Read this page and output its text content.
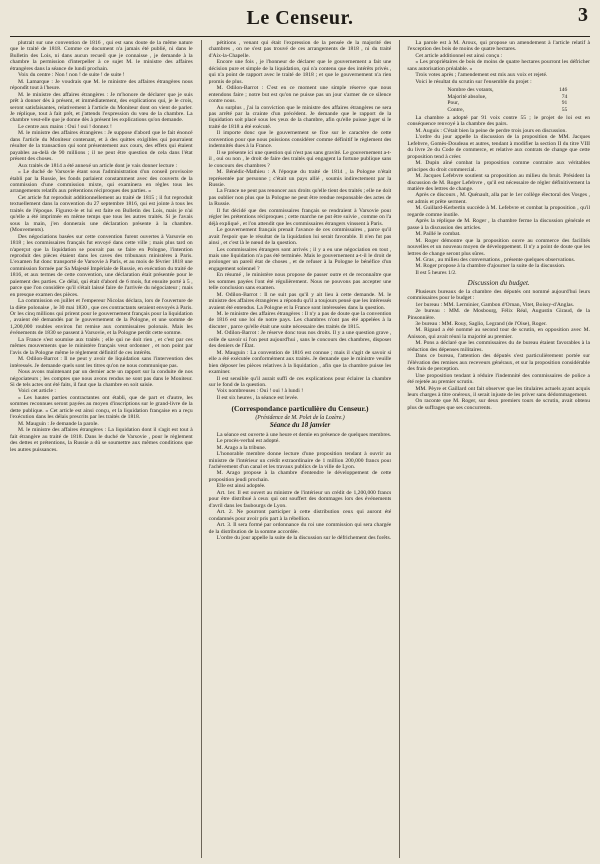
Le Censeur.	3

plutrait sur une convention de 1816 , qui est sans doute de la même nature que le traité de 1818. Comme ce document n'a jamais été publié, ni dans le Bulletin des Lois, ni dans aucun recueil que je connaisse , je demande à la chambre la permission d'interpeller à ce sujet M. le ministre des affaires étrangères dans la séance de lundi prochain.

Voix du centre : Non ! non ! de suite ! de suite !

M. Lamarque : Je voudrais que M. le ministre des affaires étrangères nous répondît tout à l'heure.

M. le ministre des affaires étrangères : Je m'honore de déclarer que je suis prêt à donner dès à présent, et immédiatement, des explications qui, je le crois, seront satisfaisantes, relativement à l'article du Moniteur dont on vient de parler. Je réplique, tout à fait prêt, et j'attends l'expression du vœu de la chambre. La chambre veut-elle que je donne dès à présent les explications qu'on demande.

Le centre aux mains : Oui ! oui ! donnez !

M. le ministre des affaires étrangères : Je suppose d'abord que le fait énoncé dans l'article du Moniteur contenant, et à des quittes exigibles qui pourraient résulter de la transaction qui sont présentement aux cours, des effets qui étaient payables au-delà de 90 millions ; il ne peut être question de cela dans l'état présent des choses.

Aux traités de 1814 a été annexé un article dont je vais donner lecture :

« Le duché de Varsovie étant sous l'administration d'un conseil provisoire établi par la Russie, les fonds parlaient constamment avec des couverts de la commission d'une commission mixte, qui examinera en règles tous les arrangements relatifs aux prétentions réciproques des parties. »

Cet article fut reproduit additionnellement au traité de 1815 ; il fut reproduit textuellement dans la convention du 27 septembre 1816, qui est jointe à tous les traités de l'époque. Figurez-le et lui est faite en Bulletin des Lois, mais je n'ai qu'elle a été imprimée en même temps que tous les autres traités. Si je l'avais sous la main, j'en donnerais une déclaration présente à la chambre. (Mouvements).

Des négociations basées sur cette convention furent ouvertes à Varsovie en 1818 ; les commissaires français fut envoyé dans cette ville ; mais plus tard on n'aperçut que la liquidation se pouvait pas se faire en Pologne, l'intention reproduit des pièces étaient dans les caves des tribunaux ministères à Paris. L'examen fut donc transporté de Varsovie à Paris, et au mois de février 1818 une commission formée par Sa Majesté Impériale de Russie, en exécution du traité de 1816, et aux termes de cette convention, une déclaration était présentée pour le paiement des parties. Ce délai, qui était d'abord de 6 mois, fut ensuite porté à 5 , parce que l'on considère qu'il s'était laissé faire de l'arrivée du négociateur ; mais en presque examen des pièces.

La commission en juillet et l'empereur Nicolas déclara, lors de l'ouverture de la diète polonaise , le 30 mai 1830 , que ces contractants seraient envoyés à Paris. Or les cinq millions qui prirent pour le gouvernement français pour la liquidation , avaient été demandés par le gouvernement de la Pologne, et une somme de 1,200,000 roubles environ fut remise aux commissaires polonais. Mais les événements de 1830 se passent à Varsovie, et la Pologne perdit cette somme.

La France s'est soumise aux traités ; elle qui ne doit rien , et c'est par ces mêmes mouvements que le ministère français veut ordonner , et non point par l'avis de la Pologne même le règlement définitif de ces intérêts.

M. Odilon-Barrot : Il ne peut y avoir de liquidation sans l'intervention des intéressés. Je demande quels sont les titres qu'on ne nous communique pas.

Nous avons maintenant par un dernier acte un rapport sur la conduite de nos négociateurs ; les comptes que nous avons rendus ne sont pas dans le Moniteur. Si de tels actes ont été faits, il faut que la chambre en soit saisie.

Voici cet article :

« Les hautes parties contractantes ont établi, que de part et d'autre, les sommes reconnues seront payées au moyen d'inscriptions sur le grand-livre de la dette publique. » Cet article est ainsi conçu, et la liquidation française en a reçu l'exécution dans les délais prescrits par les traités de 1818.

M. Mauguin : Je demande la parole.

M. le ministre des affaires étrangères : La liquidation dont il s'agit est tout à fait étrangère au traité de 1818. Dans le duché de Varsovie , pour le règlement des dettes et prétentions, la Russie a dû se soumettre aux mêmes conditions que les autres puissances.

pétitions , venant qui était l'expression de la pensée de la majorité des chambres , on ne s'est pas trouvé de ces arrangements de 1818 , ni du traité d'Aix-la-Chapelle.

Encore une fois , je l'honneur de déclarer que le gouvernement a fait une décision pure et simple de la liquidation, qui n'a contenu que des intérêts privés , qui n'a point de rapport avec le traité de 1818 ; et que le gouvernement n'a rien promis de plus.

M. Odilon-Barrot : C'est en ce moment une simple réserve que nous entendons faire ; notre but est qu'on ne puisse pas un jour s'armer de ce silence contre nous.

Au surplus , j'ai la conviction que le ministre des affaires étrangères ne sera pas arrêté par la crainte d'un précédent. Je demande que le rapport de la liquidation soit placé sous les yeux de la chambre, afin qu'elle puisse juger si le traité de 1818 a été exécuté.

Il importe donc que le gouvernement se fixe sur le caractère de cette convention pour que nous puissions considérer comme définitif le règlement des indemnités dues à la France.

Il se présente ici une question qui n'est pas sans gravité. Le gouvernement a-t-il , oui ou non , le droit de faire des traités qui engagent la fortune publique sans le concours des chambres ?

M. Bénédic-Mathieu : A l'époque du traité de 1814 , la Pologne n'était représentée par personne ; c'était un pays allié , soumis indirectement par la Russie.

La France ne peut pas renoncer aux droits qu'elle tient des traités ; elle ne doit pas oublier non plus que la Pologne ne peut être rendue responsable des actes de la Russie.

Il fut décidé que des commissaires français se rendraient à Varsovie pour régler les prétentions réciproques ; cette marche ne put être suivie , comme on l'a déjà expliqué , et l'on attendit que les commissaires étrangers vinssent à Paris.

Le gouvernement français prenait l'avance de ces commissaires , parce qu'il avait l'espoir que le résultat de la liquidation lui serait favorable. Il n'en fut pas ainsi , et c'est là le nœud de la question.

Les commissaires étrangers sont arrivés ; il y a eu une négociation en tout , mais une liquidation n'a pas été terminée. Mais le gouvernement a-t-il le droit de prolonger un pareil état de choses , et de refuser à la Pologne le bénéfice d'un engagement solennel ?

En résumé , le ministère nous propose de passer outre et de reconnaître que les sommes payées l'ont été régulièrement. Nous ne pouvons pas accepter une telle conclusion sans examen.

M. Odilon-Barrot : Il ne suit pas qu'il y ait lieu à cette demande. M. le ministre des affaires étrangères a répondu qu'il a toujours pensé que les intéressés avaient été entendus. La Pologne et la France sont intéressées dans la question.

M. le ministre des affaires étrangères : Il n'y a pas de doute que la convention de 1816 est une loi de notre pays. Les chambres n'ont pas été appelées à la discuter , parce qu'elle était une suite nécessaire des traités de 1815.

M. Odilon-Barrot : Je réserve donc tous nos droits. Il y a une question grave , celle de savoir si l'on peut aujourd'hui , sans le concours des chambres, disposer des deniers de l'État.

M. Mauguin : La convention de 1816 est connue ; mais il s'agit de savoir si elle a été exécutée conformément aux traités. Je demande que le ministre veuille bien déposer les pièces relatives à la liquidation , afin que la chambre puisse les examiner.

Il est sensible qu'il aurait suffi de ces explications pour éclairer la chambre sur le fond de la question.

Voix nombreuses : Oui ! oui ! à lundi !

Il est six heures , la séance est levée.

(Correspondance particulière du Censeur.)

(Présidence de M. Polet de la Lozère.)

Séance du 18 janvier

La séance est ouverte à une heure et demie en présence de quelques membres.

Le procès-verbal est adopté.

M. Arago a la tribune.

L'honorable membre donne lecture d'une proposition tendant à ouvrir au ministre de l'intérieur un crédit extraordinaire de 1 million 200,000 francs pour l'achèvement d'un canal et les travaux publics de la ville de Lyon.

M. Arago propose à la chambre d'entendre le développement de cette proposition jeudi prochain.

Elle est ainsi adoptée.

Art. 1er. Il est ouvert au ministre de l'intérieur un crédit de 1,200,000 francs pour être distribué à ceux qui ont souffert des dommages lors des événements d'avril dans les faubourgs de Lyon.

Art. 2. Ne pourront participer à cette distribution ceux qui auront été condamnés pour avoir pris part à la rébellion.

Art. 3. Il sera formé par ordonnance du roi une commission qui sera chargée de la distribution de la somme accordée.

L'ordre du jour appelle la suite de la discussion sur le défrichement des forêts.

La parole est à M. Aroux, qui propose un amendement à l'article relatif à l'exception des bois de moins de quatre hectares.

Cet article additionnel est ainsi conçu :

« Les propriétaires de bois de moins de quatre hectares pourront les défricher sans autorisation préalable. »

Trois votes après ; l'amendement est mis aux voix et rejeté.

Voici le résultat du scrutin sur l'ensemble du projet :

Nombre des votants,	146
Majorité absolue,	74
Pour,	91
Contre,	55

La chambre a adopté par 91 voix contre 55 ; le projet de loi est en conséquence renvoyé à la chambre des pairs.

M. Auguis : C'était bien la peine de perdre trois jours en discussion.

L'ordre du jour appelle la discussion de la proposition de MM. Jacques Lefebvre, Gomès-Doudeau et autres, tendant à modifier la section II du titre VIII du livre 2e du Code de commerce, et relative aux contrats de change que cette proposition tend à créer.

M. Dupin aîné combat la proposition comme contraire aux véritables principes du droit commercial.

M. Jacques Lefebvre soutient sa proposition au milieu du bruit. Président la discussion de M. Roger Lefebvre , qu'il est nécessaire de régler définitivement la matière des lettres de change.

Après ce discours , M. Quénault, alla par le 1er collège électoral des Vosges , est admis et prête serment.

M. Guillard-Kerbertin succède à M. Lefebvre et combat la proposition , qu'il regarde comme inutile.

Après la réplique de M. Roger , la chambre ferme la discussion générale et passe à la discussion des articles.

M. Paillé le combat.

M. Roger démontre que la proposition ouvre au commerce des facilités nouvelles et un nouveau moyen de développement. Il n'y a point de doute que les lettres de change seront plus sûres.

M. Gras , au milieu des conversations , présente quelques observations.

M. Roger propose à la chambre d'ajourner la suite de la discussion.

Il est 5 heures 1/2.

Discussion du budget.

Plusieurs bureaux de la chambre des députés ont nommé aujourd'hui leurs commissaires pour le budget :

1er bureau : MM. Lerminier, Gambon d'Ornan, Vitet, Boissy-d'Anglas.

2e bureau : MM. de Mosbourg, Félix Réal, Augustin Giraud, de la Pinsonnière.

3e bureau : MM. Rouy, Saglio, Legrand (de l'Oise), Roger.

M. Rigaud a été nommé au second tour de scrutin, en opposition avec M. Anisson, qui avait réuni la majorité au premier.

M. Pons a déclaré que les commissaires du 4e bureau étaient favorables à la réduction des dépenses militaires.

Dans ce bureau, l'attention des députés s'est particulièrement portée sur l'élévation des remises aux receveurs généraux, et sur la proposition considérable des frais de perception.

Une proposition tendant à réduire l'indemnité des commissaires de police a été rejetée au premier scrutin.

MM. Pèyre et Gaillard ont fait observer que les titulaires actuels ayant acquis leurs charges à titre onéreux, il serait injuste de les priver sans dédommagement.

On raconte que M. Roger, sur deux premiers tours de scrutin, avait obtenu plus de suffrages que ses concurrents.
